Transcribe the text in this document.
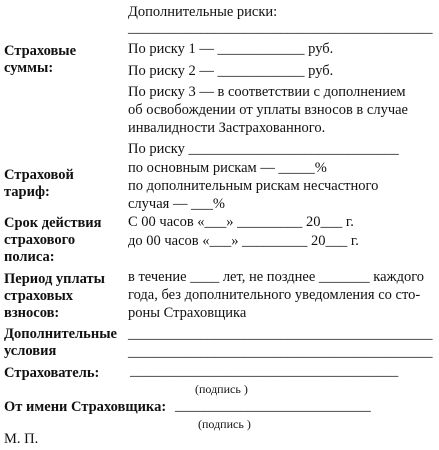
Дополнительные риски:
__________________________________________
Страховые
суммы:
По риску 1 — ____________ руб.
По риску 2 — ____________ руб.
По риску 3 — в соответствии с дополнением
об освобождении от уплаты взносов в случае
инвалидности Застрахованного.
По риску _____________________________
Страховой
тариф:
по основным рискам — _____%
по дополнительным рискам несчастного
случая — ___%
Срок действия
страхового
полиса:
С 00 часов «___» _________ 20___ г.
до 00 часов «___» _________ 20___ г.
Период уплаты
страховых
взносов:
в течение ____ лет, не позднее _______ каждого
года, без дополнительного уведомления со сто-
роны Страховщика
Дополнительные
условия
__________________________________________
__________________________________________
Страхователь: _____________________________________
(подпись )
От имени Страховщика: ___________________________
(подпись )
М. П.
